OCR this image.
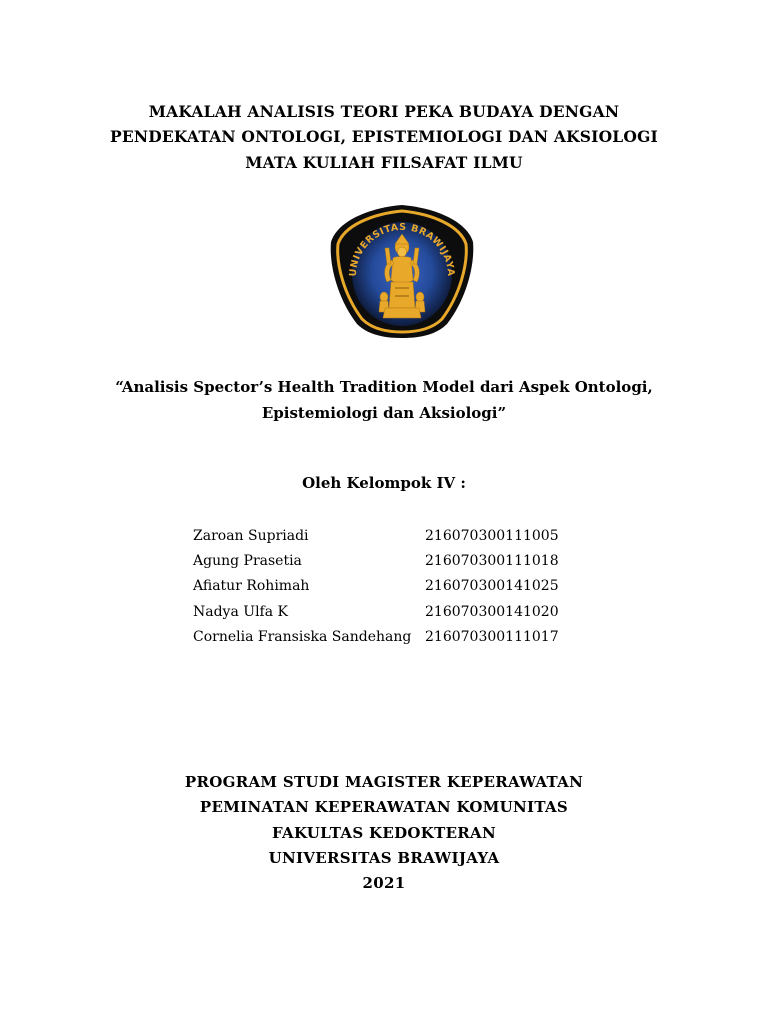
MAKALAH ANALISIS TEORI PEKA BUDAYA DENGAN
PENDEKATAN ONTOLOGI, EPISTEMIOLOGI DAN AKSIOLOGI
MATA KULIAH FILSAFAT ILMU
UNIVERSITAS BRAWIJAYA
“Analisis Spector’s Health Tradition Model dari Aspek Ontologi,
Epistemiologi dan Aksiologi”
Oleh Kelompok IV :
Zaroan Supriadi	216070300111005
Agung Prasetia	216070300111018
Afiatur Rohimah	216070300141025
Nadya Ulfa K	216070300141020
Cornelia Fransiska Sandehang 216070300111017
PROGRAM STUDI MAGISTER KEPERAWATAN
PEMINATAN KEPERAWATAN KOMUNITAS
FAKULTAS KEDOKTERAN
UNIVERSITAS BRAWIJAYA
2021
